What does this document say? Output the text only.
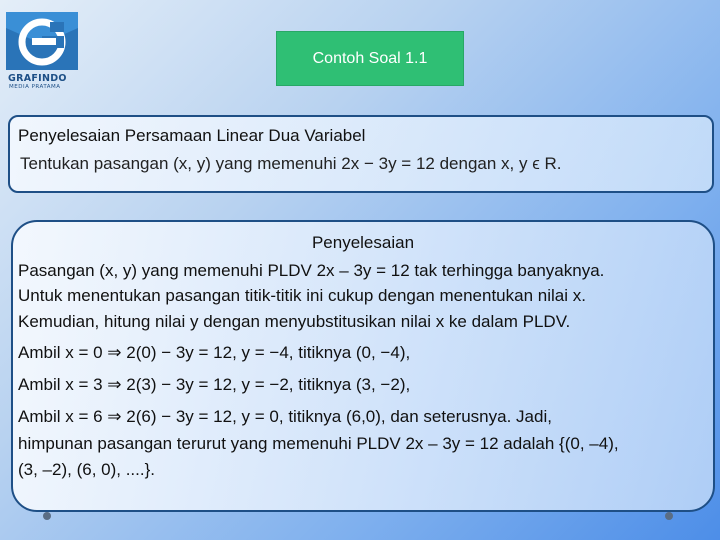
GRAFINDO
MEDIA PRATAMA
Contoh Soal 1.1
Penyelesaian Persamaan Linear Dua Variabel
Tentukan pasangan (x, y) yang memenuhi 2x − 3y = 12 dengan x, y ϵ R.
Penyelesaian
Pasangan (x, y) yang memenuhi PLDV 2x – 3y = 12 tak terhingga banyaknya.
Untuk menentukan pasangan titik-titik ini cukup dengan menentukan nilai x.
Kemudian, hitung nilai y dengan menyubstitusikan nilai x ke dalam PLDV.
Ambil x = 0 ⇒ 2(0) − 3y = 12, y = −4, titiknya (0, −4),
Ambil x = 3 ⇒ 2(3) − 3y = 12, y = −2, titiknya (3, −2),
Ambil x = 6 ⇒ 2(6) − 3y = 12, y = 0, titiknya (6,0), dan seterusnya. Jadi,
himpunan pasangan terurut yang memenuhi PLDV 2x – 3y = 12 adalah {(0, –4),
(3, –2), (6, 0), ....}.
